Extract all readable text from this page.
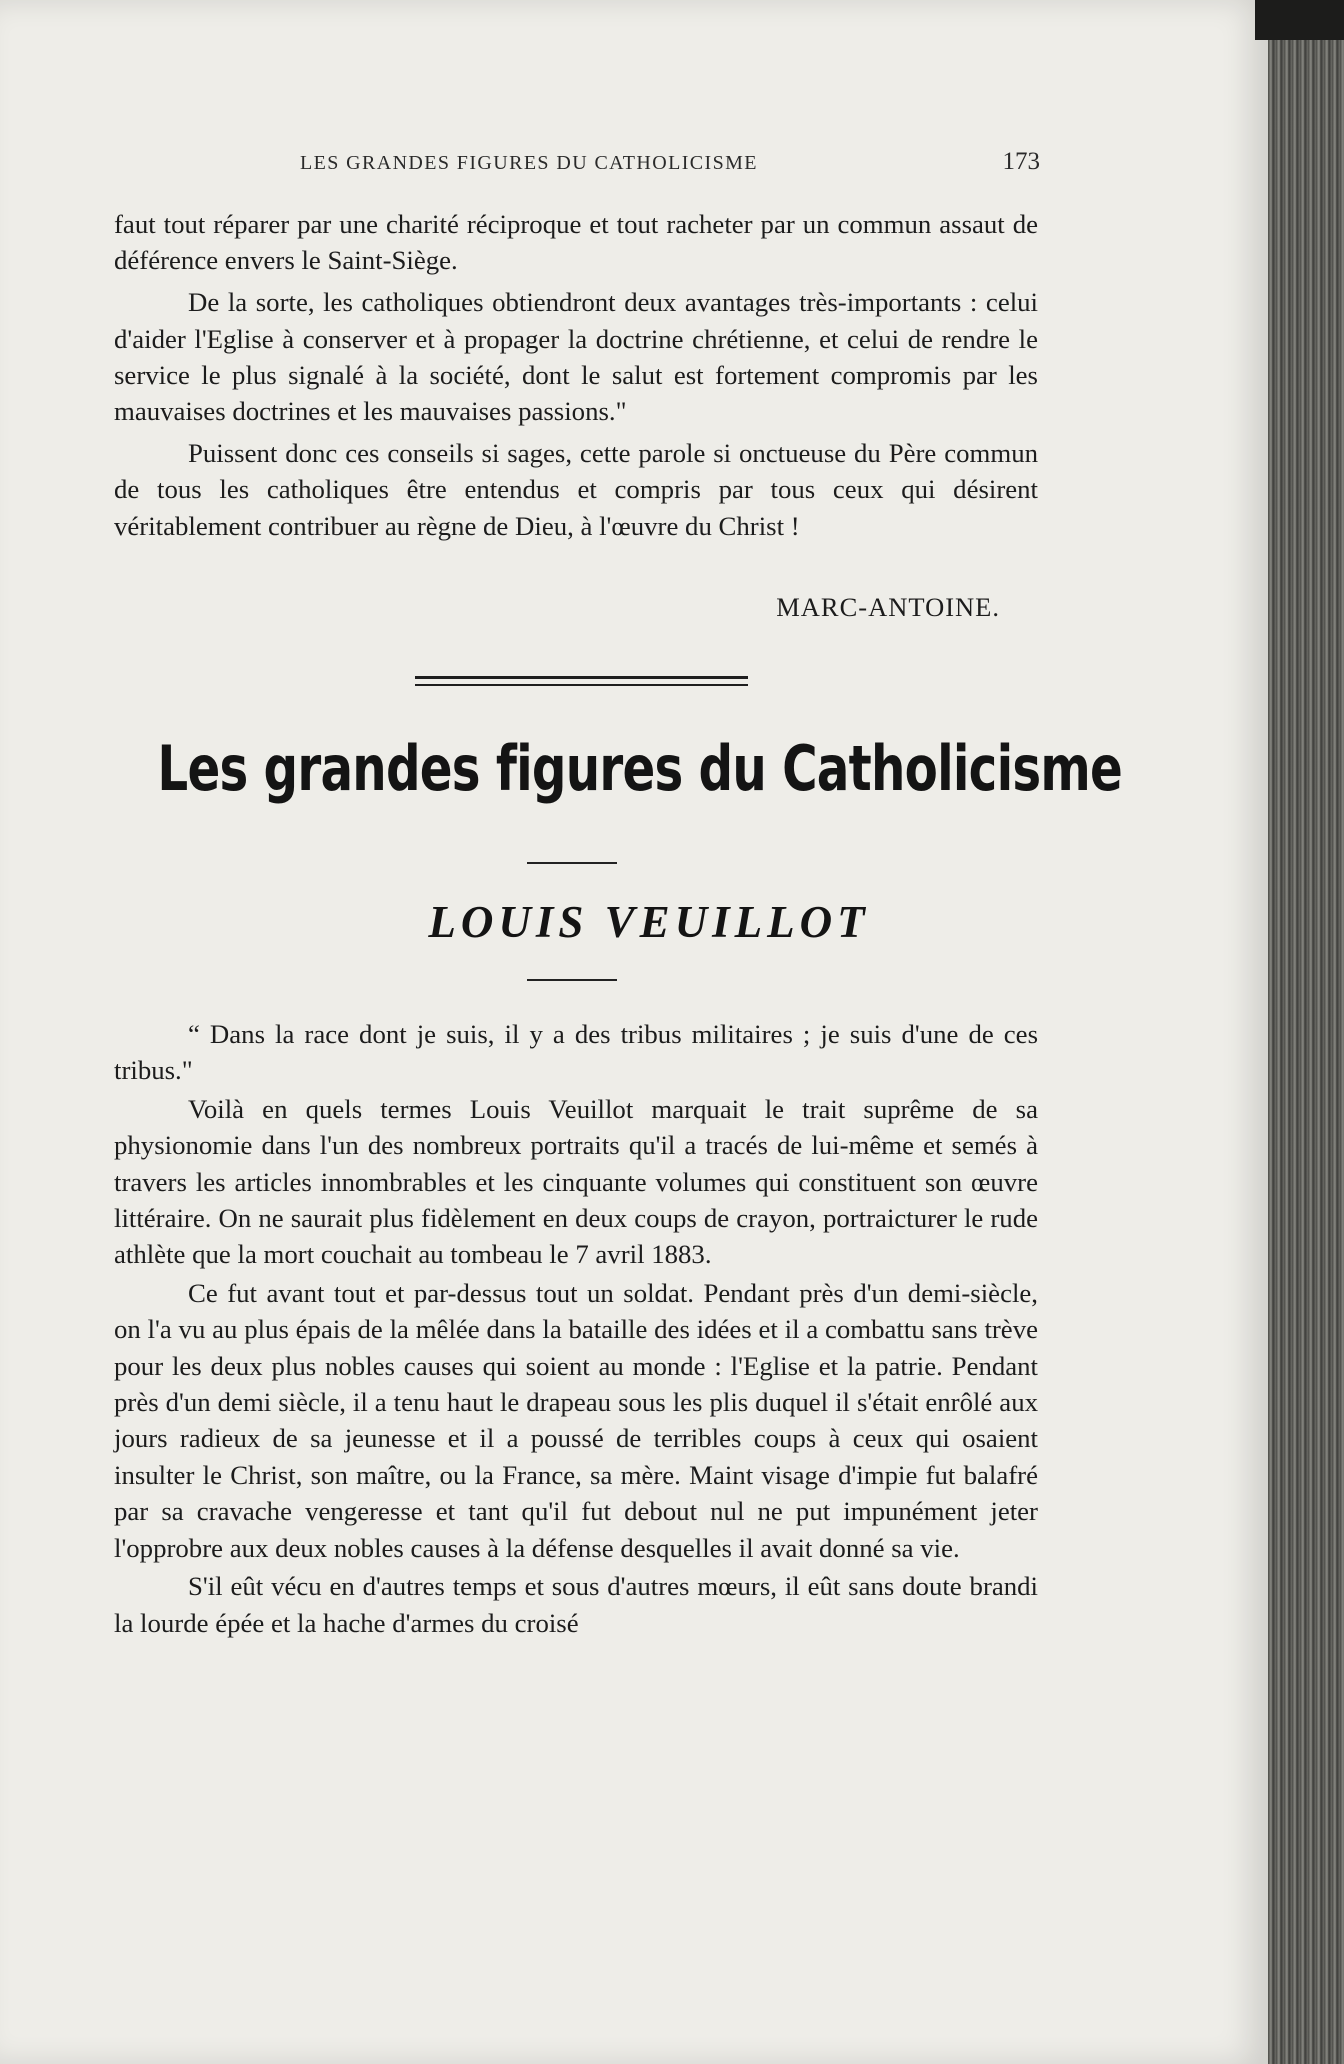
LES GRANDES FIGURES DU CATHOLICISME	173

faut tout réparer par une charité réciproque et tout racheter par un commun assaut de déférence envers le Saint-Siège.

De la sorte, les catholiques obtiendront deux avantages très-importants : celui d'aider l'Eglise à conserver et à propager la doctrine chrétienne, et celui de rendre le service le plus signalé à la société, dont le salut est fortement compromis par les mauvaises doctrines et les mauvaises passions."

Puissent donc ces conseils si sages, cette parole si onctueuse du Père commun de tous les catholiques être entendus et compris par tous ceux qui désirent véritablement contribuer au règne de Dieu, à l'œuvre du Christ !

MARC-ANTOINE.
Les grandes figures du Catholicisme
LOUIS VEUILLOT

“ Dans la race dont je suis, il y a des tribus militaires ; je suis d'une de ces tribus."

Voilà en quels termes Louis Veuillot marquait le trait suprême de sa physionomie dans l'un des nombreux portraits qu'il a tracés de lui-même et semés à travers les articles innombrables et les cinquante volumes qui constituent son œuvre littéraire. On ne saurait plus fidèlement en deux coups de crayon, portraicturer le rude athlète que la mort couchait au tombeau le 7 avril 1883.

Ce fut avant tout et par-dessus tout un soldat. Pendant près d'un demi-siècle, on l'a vu au plus épais de la mêlée dans la bataille des idées et il a combattu sans trève pour les deux plus nobles causes qui soient au monde : l'Eglise et la patrie. Pendant près d'un demi siècle, il a tenu haut le drapeau sous les plis duquel il s'était enrôlé aux jours radieux de sa jeunesse et il a poussé de terribles coups à ceux qui osaient insulter le Christ, son maître, ou la France, sa mère. Maint visage d'impie fut balafré par sa cravache vengeresse et tant qu'il fut debout nul ne put impunément jeter l'opprobre aux deux nobles causes à la défense desquelles il avait donné sa vie.

S'il eût vécu en d'autres temps et sous d'autres mœurs, il eût sans doute brandi la lourde épée et la hache d'armes du croisé
